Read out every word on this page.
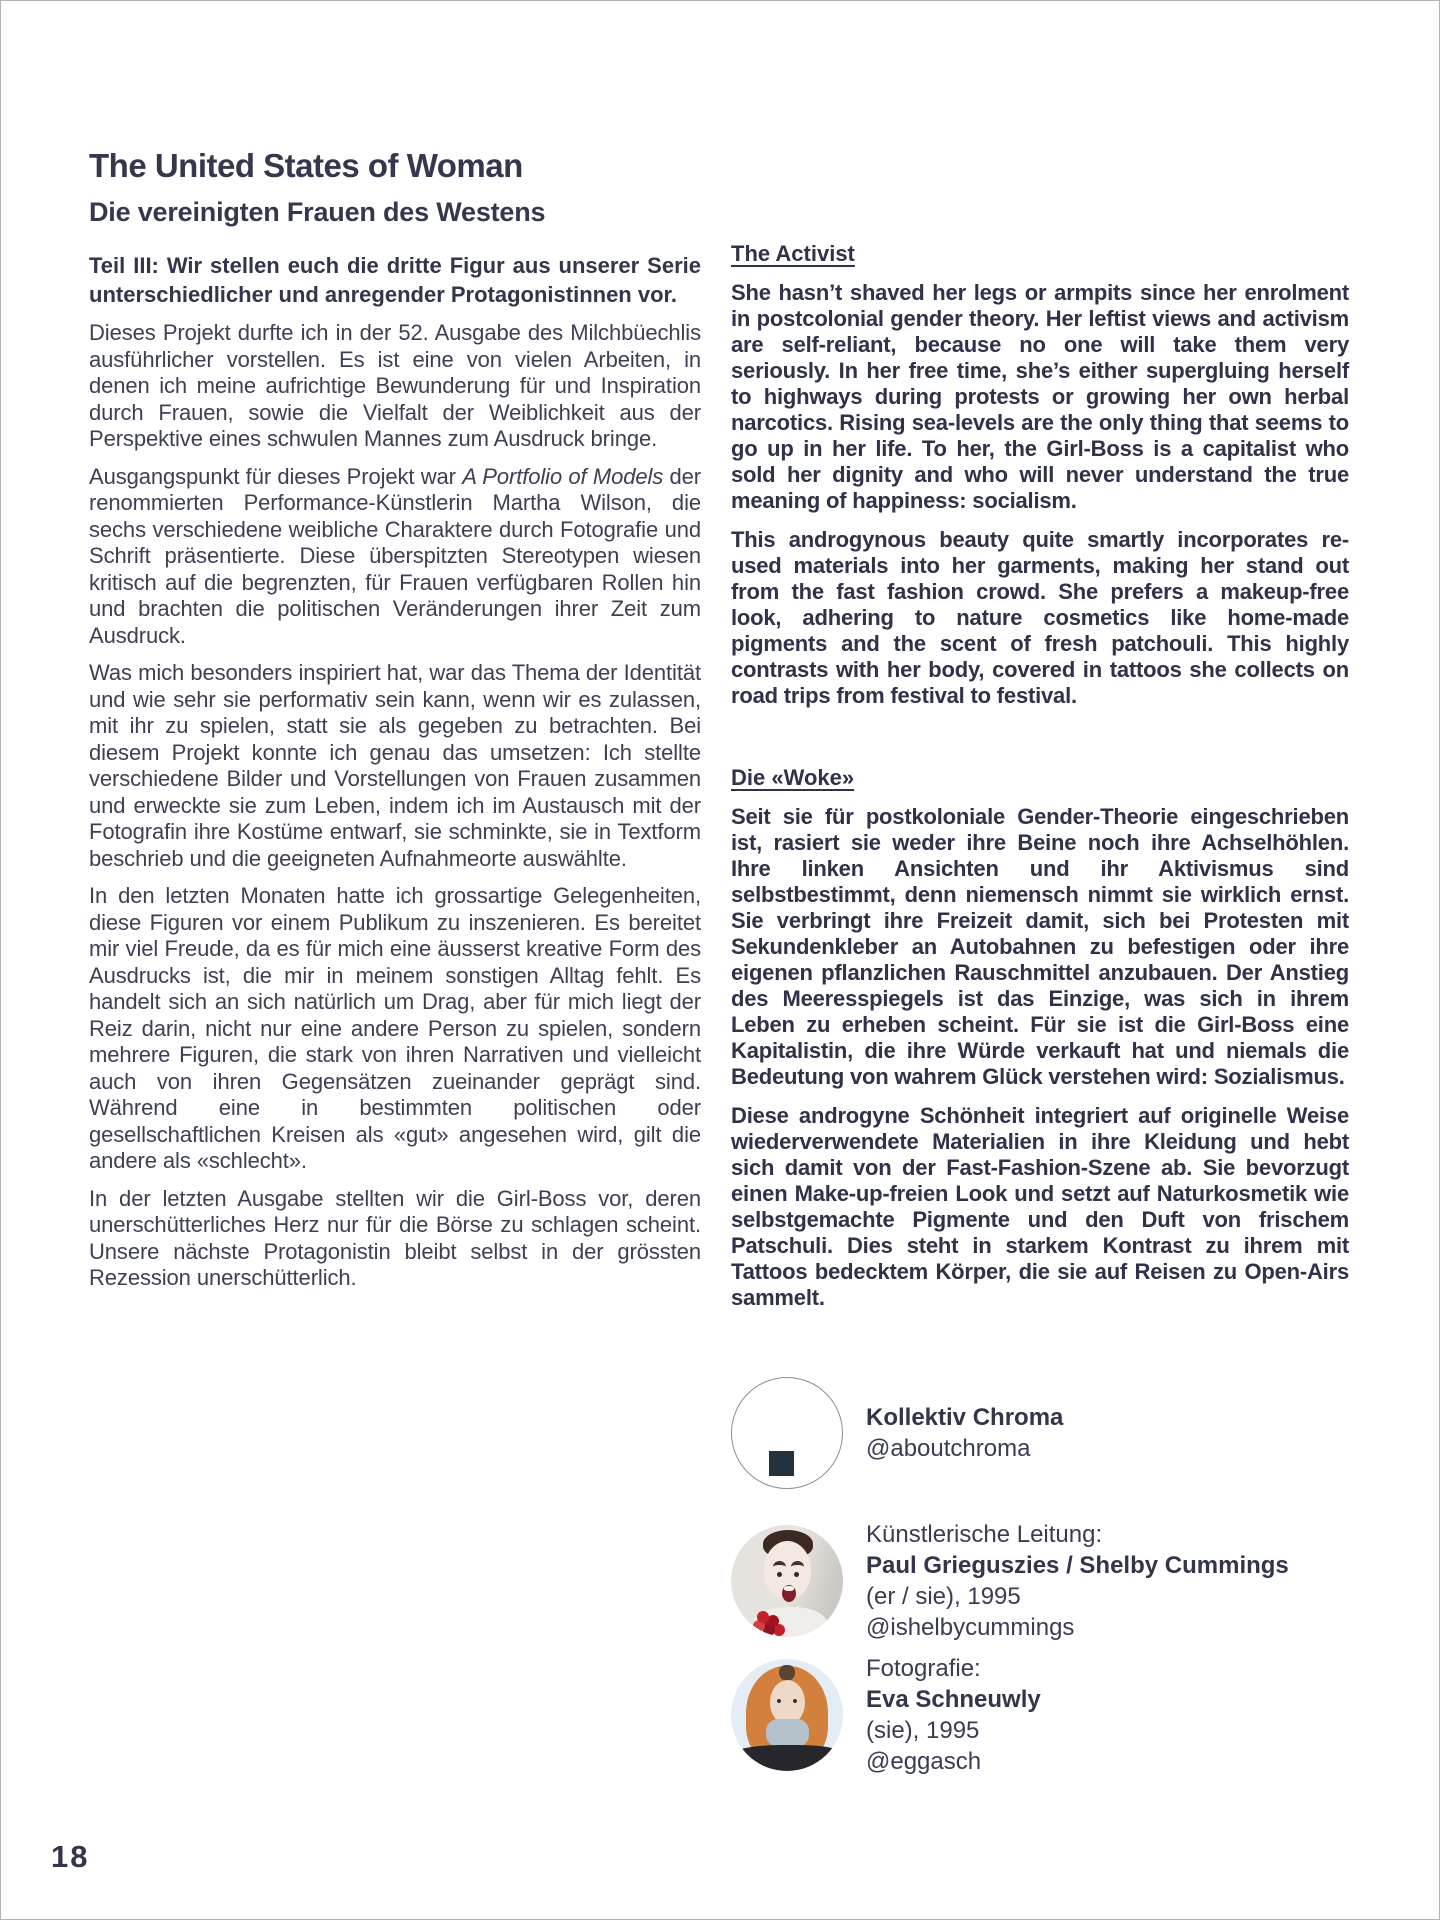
The United States of Woman
Die vereinigten Frauen des Westens

Teil III: Wir stellen euch die dritte Figur aus unserer Serie unterschiedlicher und anregender Protagonistinnen vor.

Dieses Projekt durfte ich in der 52. Ausgabe des Milchbüechlis ausführlicher vorstellen. Es ist eine von vielen Arbeiten, in denen ich meine aufrichtige Bewunderung für und Inspiration durch Frauen, sowie die Vielfalt der Weiblichkeit aus der Perspektive eines schwulen Mannes zum Ausdruck bringe.

Ausgangspunkt für dieses Projekt war A Portfolio of Models der renommierten Performance-Künstlerin Martha Wilson, die sechs verschiedene weibliche Charaktere durch Fotografie und Schrift präsentierte. Diese überspitzten Stereotypen wiesen kritisch auf die begrenzten, für Frauen verfügbaren Rollen hin und brachten die politischen Veränderungen ihrer Zeit zum Ausdruck.

Was mich besonders inspiriert hat, war das Thema der Identität und wie sehr sie performativ sein kann, wenn wir es zulassen, mit ihr zu spielen, statt sie als gegeben zu betrachten. Bei diesem Projekt konnte ich genau das umsetzen: Ich stellte verschiedene Bilder und Vorstellungen von Frauen zusammen und erweckte sie zum Leben, indem ich im Austausch mit der Fotografin ihre Kostüme entwarf, sie schminkte, sie in Textform beschrieb und die geeigneten Aufnahmeorte auswählte.

In den letzten Monaten hatte ich grossartige Gelegenheiten, diese Figuren vor einem Publikum zu inszenieren. Es bereitet mir viel Freude, da es für mich eine äusserst kreative Form des Ausdrucks ist, die mir in meinem sonstigen Alltag fehlt. Es handelt sich an sich natürlich um Drag, aber für mich liegt der Reiz darin, nicht nur eine andere Person zu spielen, sondern mehrere Figuren, die stark von ihren Narrativen und vielleicht auch von ihren Gegensätzen zueinander geprägt sind. Während eine in bestimmten politischen oder gesellschaftlichen Kreisen als «gut» angesehen wird, gilt die andere als «schlecht».

In der letzten Ausgabe stellten wir die Girl-Boss vor, deren unerschütterliches Herz nur für die Börse zu schlagen scheint. Unsere nächste Protagonistin bleibt selbst in der grössten Rezession unerschütterlich.

The Activist

She hasn’t shaved her legs or armpits since her enrolment in postcolonial gender theory. Her leftist views and activism are self-reliant, because no one will take them very seriously. In her free time, she’s either supergluing herself to highways during protests or growing her own herbal narcotics. Rising sea-levels are the only thing that seems to go up in her life. To her, the Girl-Boss is a capitalist who sold her dignity and who will never understand the true meaning of happiness: socialism.

This androgynous beauty quite smartly incorporates re-used materials into her garments, making her stand out from the fast fashion crowd. She prefers a makeup-free look, adhering to nature cosmetics like home-made pigments and the scent of fresh patchouli. This highly contrasts with her body, covered in tattoos she collects on road trips from festival to festival.

Die «Woke»

Seit sie für postkoloniale Gender-Theorie eingeschrieben ist, rasiert sie weder ihre Beine noch ihre Achselhöhlen. Ihre linken Ansichten und ihr Aktivismus sind selbstbestimmt, denn niemensch nimmt sie wirklich ernst. Sie verbringt ihre Freizeit damit, sich bei Protesten mit Sekundenkleber an Autobahnen zu befestigen oder ihre eigenen pflanzlichen Rauschmittel anzubauen. Der Anstieg des Meeresspiegels ist das Einzige, was sich in ihrem Leben zu erheben scheint. Für sie ist die Girl-Boss eine Kapitalistin, die ihre Würde verkauft hat und niemals die Bedeutung von wahrem Glück verstehen wird: Sozialismus.

Diese androgyne Schönheit integriert auf originelle Weise wiederverwendete Materialien in ihre Kleidung und hebt sich damit von der Fast-Fashion-Szene ab. Sie bevorzugt einen Make-up-freien Look und setzt auf Naturkosmetik wie selbstgemachte Pigmente und den Duft von frischem Patschuli. Dies steht in starkem Kontrast zu ihrem mit Tattoos bedecktem Körper, die sie auf Reisen zu Open-Airs sammelt.

Kollektiv Chroma
@aboutchroma
Künstlerische Leitung:
Paul Grieguszies / Shelby Cummings
(er / sie), 1995
@ishelbycummings
Fotografie:
Eva Schneuwly
(sie), 1995
@eggasch
18
